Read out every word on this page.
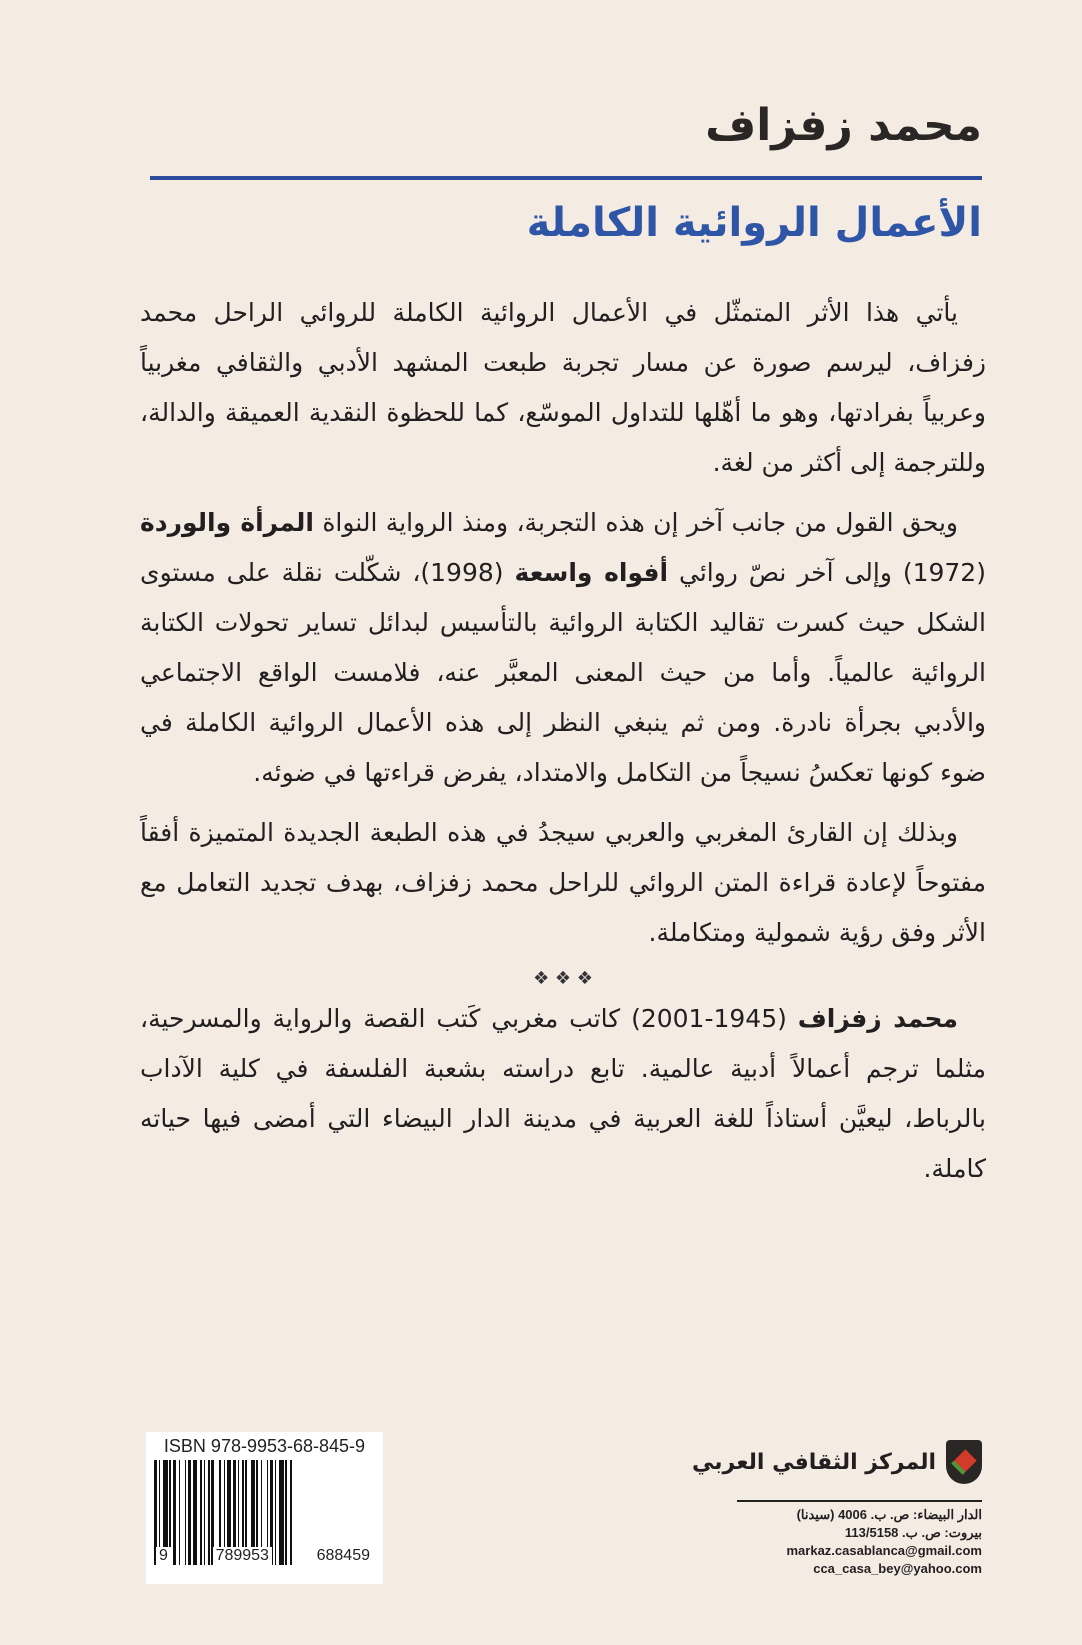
محمد زفزاف
الأعمال الروائية الكاملة

يأتي هذا الأثر المتمثّل في الأعمال الروائية الكاملة للروائي الراحل محمد زفزاف، ليرسم صورة عن مسار تجربة طبعت المشهد الأدبي والثقافي مغربياً وعربياً بفرادتها، وهو ما أهّلها للتداول الموسّع، كما للحظوة النقدية العميقة والدالة، وللترجمة إلى أكثر من لغة.

ويحق القول من جانب آخر إن هذه التجربة، ومنذ الرواية النواة المرأة والوردة (1972) وإلى آخر نصّ روائي أفواه واسعة (1998)، شكّلت نقلة على مستوى الشكل حيث كسرت تقاليد الكتابة الروائية بالتأسيس لبدائل تساير تحولات الكتابة الروائية عالمياً. وأما من حيث المعنى المعبَّر عنه، فلامست الواقع الاجتماعي والأدبي بجرأة نادرة. ومن ثم ينبغي النظر إلى هذه الأعمال الروائية الكاملة في ضوء كونها تعكسُ نسيجاً من التكامل والامتداد، يفرض قراءتها في ضوئه.

وبذلك إن القارئ المغربي والعربي سيجدُ في هذه الطبعة الجديدة المتميزة أفقاً مفتوحاً لإعادة قراءة المتن الروائي للراحل محمد زفزاف، بهدف تجديد التعامل مع الأثر وفق رؤية شمولية ومتكاملة.

❖ ❖ ❖

محمد زفزاف (1945-2001) كاتب مغربي كَتب القصة والرواية والمسرحية، مثلما ترجم أعمالاً أدبية عالمية. تابع دراسته بشعبة الفلسفة في كلية الآداب بالرباط، ليعيَّن أستاذاً للغة العربية في مدينة الدار البيضاء التي أمضى فيها حياته كاملة.

ISBN 978-9953-68-845-9
9	789953	688459
المركز الثقافي العربي
الدار البيضاء: ص. ب. 4006 (سيدنا)
بيروت: ص. ب. 113/5158
markaz.casablanca@gmail.com
cca_casa_bey@yahoo.com
